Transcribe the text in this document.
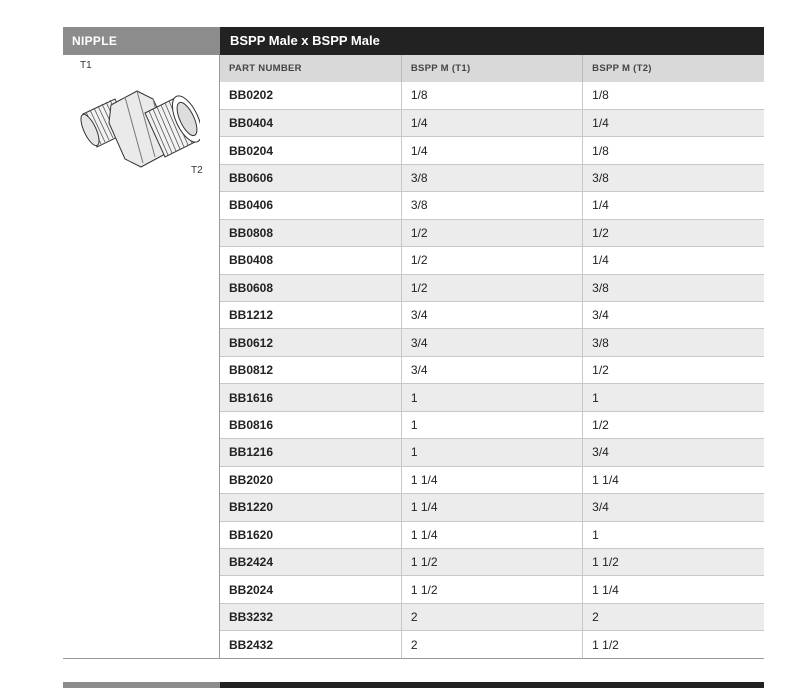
NIPPLE	BSPP Male x BSPP Male
T1
T2
PART NUMBER	BSPP M (T1)	BSPP M (T2)
BB0202	1/8	1/8
BB0404	1/4	1/4
BB0204	1/4	1/8
BB0606	3/8	3/8
BB0406	3/8	1/4
BB0808	1/2	1/2
BB0408	1/2	1/4
BB0608	1/2	3/8
BB1212	3/4	3/4
BB0612	3/4	3/8
BB0812	3/4	1/2
BB1616	1	1
BB0816	1	1/2
BB1216	1	3/4
BB2020	1 1/4	1 1/4
BB1220	1 1/4	3/4
BB1620	1 1/4	1
BB2424	1 1/2	1 1/2
BB2024	1 1/2	1 1/4
BB3232	2	2
BB2432	2	1 1/2
